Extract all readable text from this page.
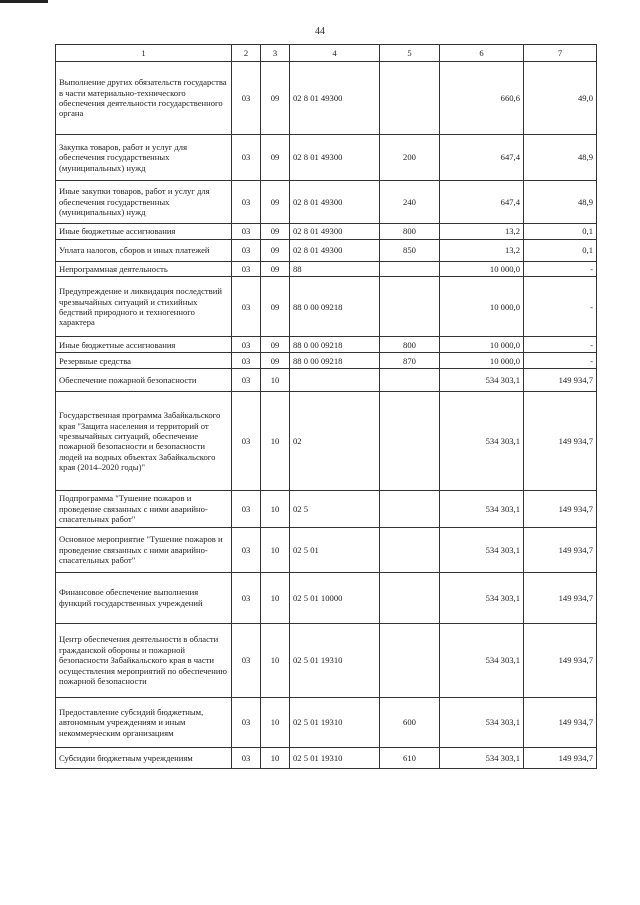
44
1	2	3	4	5	6	7
Выполнение других обязательств государства в части материально-технического обеспечения деятельности государственного органа	03	09	02 8 01 49300		660,6	49,0
Закупка товаров, работ и услуг для обеспечения государственных (муниципальных) нужд	03	09	02 8 01 49300	200	647,4	48,9
Иные закупки товаров, работ и услуг для обеспечения государственных (муниципальных) нужд	03	09	02 8 01 49300	240	647,4	48,9
Иные бюджетные ассигнования	03	09	02 8 01 49300	800	13,2	0,1
Уплата налогов, сборов и иных платежей	03	09	02 8 01 49300	850	13,2	0,1
Непрограммная деятельность	03	09	88		10 000,0	-
Предупреждение и ликвидация последствий чрезвычайных ситуаций и стихийных бедствий природного и техногенного характера	03	09	88 0 00 09218		10 000,0	-
Иные бюджетные ассигнования	03	09	88 0 00 09218	800	10 000,0	-
Резервные средства	03	09	88 0 00 09218	870	10 000,0	-
Обеспечение пожарной безопасности	03	10			534 303,1	149 934,7
Государственная программа Забайкальского края "Защита населения и территорий от чрезвычайных ситуаций, обеспечение пожарной безопасности и безопасности людей на водных объектах Забайкальского края (2014–2020 годы)"	03	10	02		534 303,1	149 934,7
Подпрограмма "Тушение пожаров и проведение связанных с ними аварийно-спасательных работ"	03	10	02 5		534 303,1	149 934,7
Основное мероприятие "Тушение пожаров и проведение связанных с ними аварийно-спасательных работ"	03	10	02 5 01		534 303,1	149 934,7
Финансовое обеспечение выполнения функций государственных учреждений	03	10	02 5 01 10000		534 303,1	149 934,7
Центр обеспечения деятельности в области гражданской обороны и пожарной безопасности Забайкальского края в части осуществления мероприятий по обеспечению пожарной безопасности	03	10	02 5 01 19310		534 303,1	149 934,7
Предоставление субсидий бюджетным, автономным учреждениям и иным некоммерческим организациям	03	10	02 5 01 19310	600	534 303,1	149 934,7
Субсидии бюджетным учреждениям	03	10	02 5 01 19310	610	534 303,1	149 934,7
